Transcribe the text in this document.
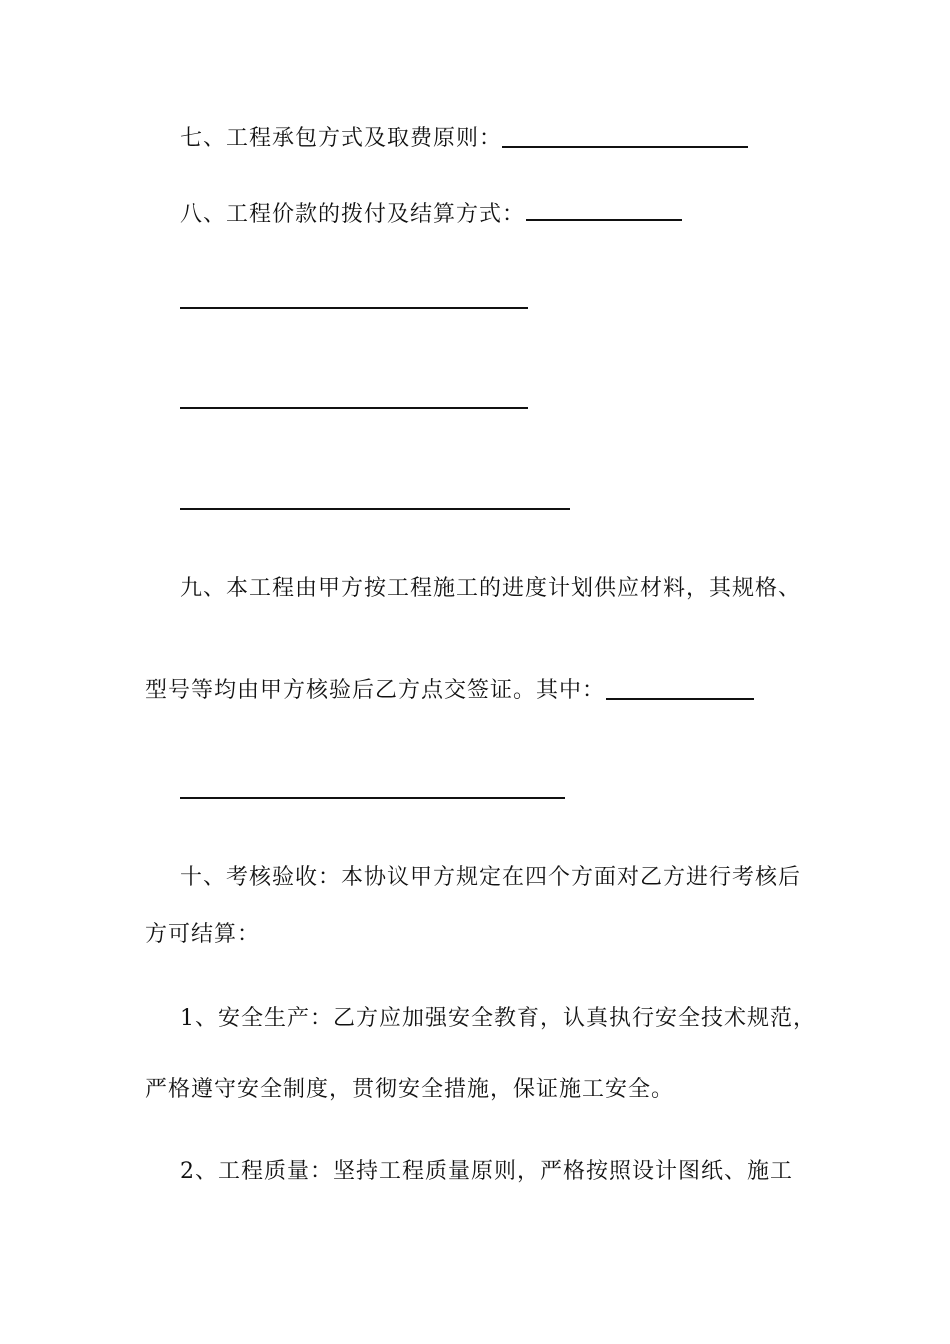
七、工程承包方式及取费原则：
八、工程价款的拨付及结算方式：
九、本工程由甲方按工程施工的进度计划供应材料，其规格、
型号等均由甲方核验后乙方点交签证。其中：
十、考核验收：本协议甲方规定在四个方面对乙方进行考核后
方可结算：
1、安全生产：乙方应加强安全教育，认真执行安全技术规范，
严格遵守安全制度，贯彻安全措施，保证施工安全。
2、工程质量：坚持工程质量原则，严格按照设计图纸、施工
